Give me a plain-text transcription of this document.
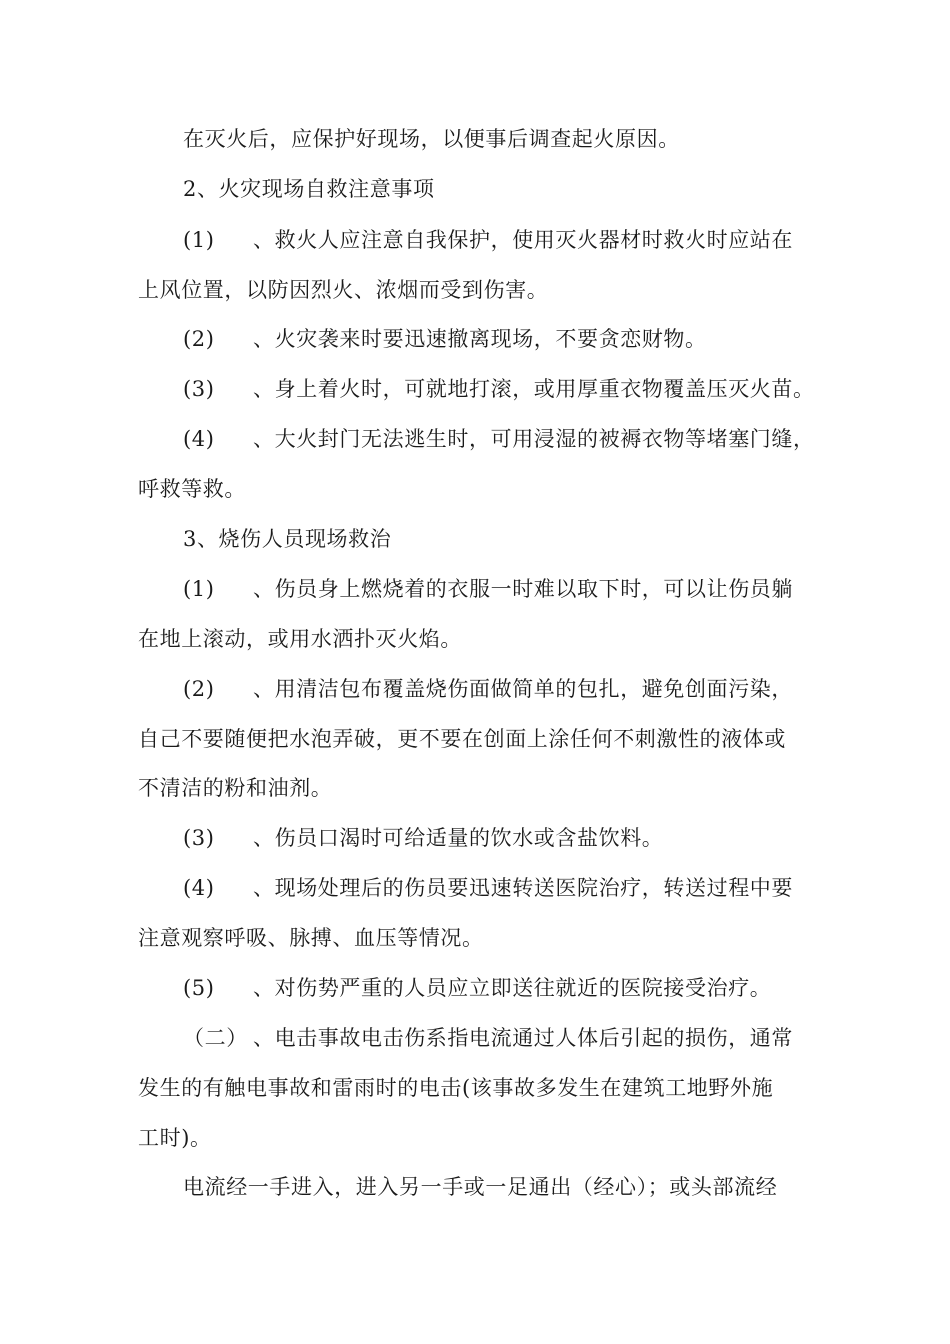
在灭火后，应保护好现场，以便事后调查起火原因。
2、火灾现场自救注意事项
(1) 、救火人应注意自我保护，使用灭火器材时救火时应站在
上风位置，以防因烈火、浓烟而受到伤害。
(2) 、火灾袭来时要迅速撤离现场，不要贪恋财物。
(3) 、身上着火时，可就地打滚，或用厚重衣物覆盖压灭火苗。
(4) 、大火封门无法逃生时，可用浸湿的被褥衣物等堵塞门缝，
呼救等救。
3、烧伤人员现场救治
(1) 、伤员身上燃烧着的衣服一时难以取下时，可以让伤员躺
在地上滚动，或用水洒扑灭火焰。
(2) 、用清洁包布覆盖烧伤面做简单的包扎，避免创面污染，
自己不要随便把水泡弄破，更不要在创面上涂任何不刺激性的液体或
不清洁的粉和油剂。
(3) 、伤员口渴时可给适量的饮水或含盐饮料。
(4) 、现场处理后的伤员要迅速转送医院治疗，转送过程中要
注意观察呼吸、脉搏、血压等情况。
(5) 、对伤势严重的人员应立即送往就近的医院接受治疗。
（二） 、电击事故电击伤系指电流通过人体后引起的损伤，通常
发生的有触电事故和雷雨时的电击(该事故多发生在建筑工地野外施
工时)。
电流经一手进入，进入另一手或一足通出（经心）；或头部流经
